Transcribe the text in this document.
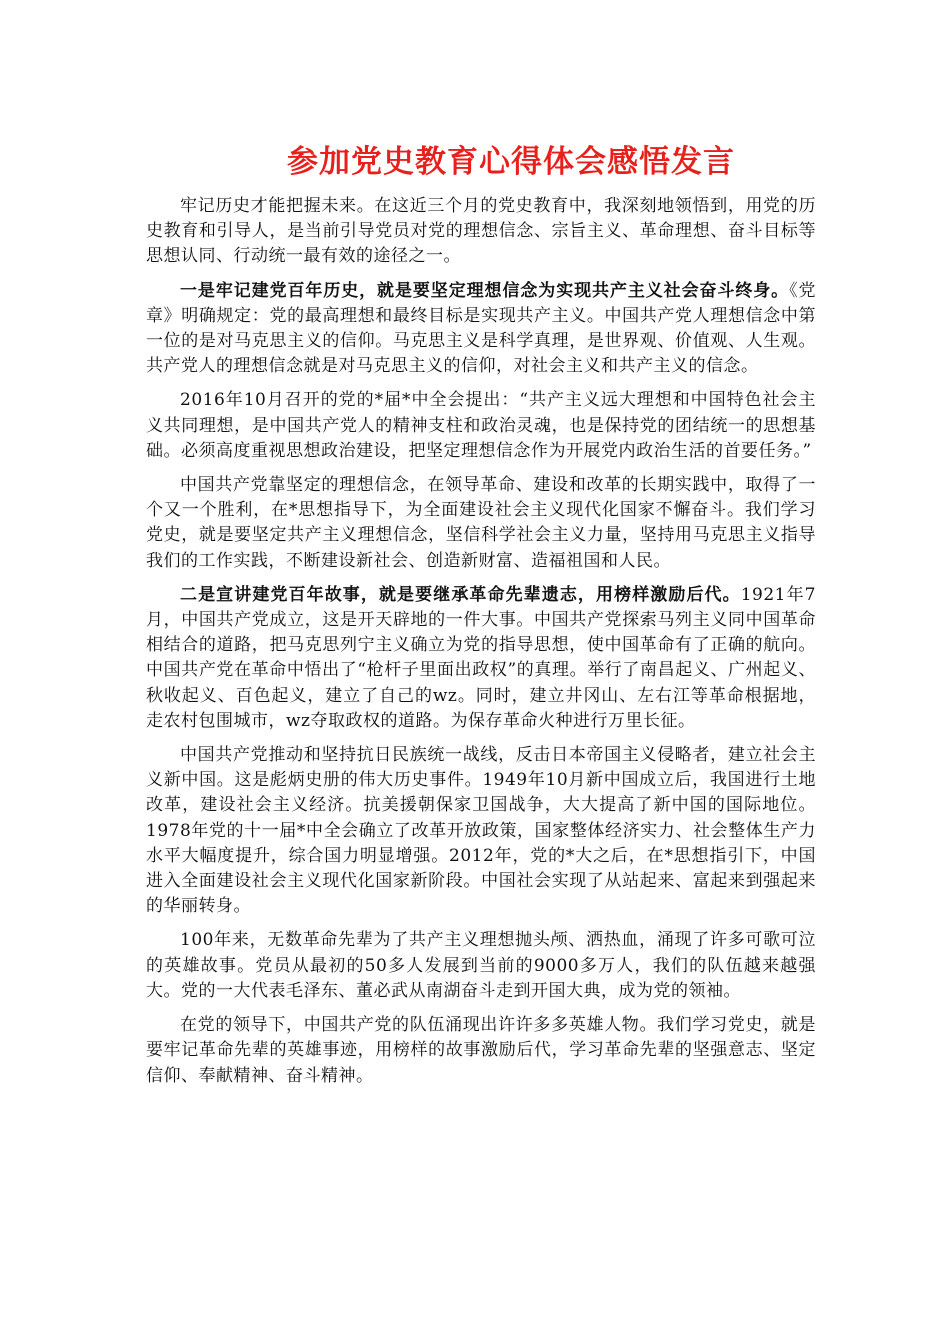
参加党史教育心得体会感悟发言

牢记历史才能把握未来。在这近三个月的党史教育中，我深刻地领悟到，用党的历史教育和引导人，是当前引导党员对党的理想信念、宗旨主义、革命理想、奋斗目标等思想认同、行动统一最有效的途径之一。

一是牢记建党百年历史，就是要坚定理想信念为实现共产主义社会奋斗终身。《党章》明确规定：党的最高理想和最终目标是实现共产主义。中国共产党人理想信念中第一位的是对马克思主义的信仰。马克思主义是科学真理，是世界观、价值观、人生观。共产党人的理想信念就是对马克思主义的信仰，对社会主义和共产主义的信念。

2016年10月召开的党的*届*中全会提出：“共产主义远大理想和中国特色社会主义共同理想，是中国共产党人的精神支柱和政治灵魂，也是保持党的团结统一的思想基础。必须高度重视思想政治建设，把坚定理想信念作为开展党内政治生活的首要任务。”

中国共产党靠坚定的理想信念，在领导革命、建设和改革的长期实践中，取得了一个又一个胜利，在*思想指导下，为全面建设社会主义现代化国家不懈奋斗。我们学习党史，就是要坚定共产主义理想信念，坚信科学社会主义力量，坚持用马克思主义指导我们的工作实践，不断建设新社会、创造新财富、造福祖国和人民。

二是宣讲建党百年故事，就是要继承革命先辈遗志，用榜样激励后代。1921年7月，中国共产党成立，这是开天辟地的一件大事。中国共产党探索马列主义同中国革命相结合的道路，把马克思列宁主义确立为党的指导思想，使中国革命有了正确的航向。中国共产党在革命中悟出了“枪杆子里面出政权”的真理。举行了南昌起义、广州起义、秋收起义、百色起义，建立了自己的wz。同时，建立井冈山、左右江等革命根据地，走农村包围城市，wz夺取政权的道路。为保存革命火种进行万里长征。

中国共产党推动和坚持抗日民族统一战线，反击日本帝国主义侵略者，建立社会主义新中国。这是彪炳史册的伟大历史事件。1949年10月新中国成立后，我国进行土地改革，建设社会主义经济。抗美援朝保家卫国战争，大大提高了新中国的国际地位。1978年党的十一届*中全会确立了改革开放政策，国家整体经济实力、社会整体生产力水平大幅度提升，综合国力明显增强。2012年，党的*大之后，在*思想指引下，中国进入全面建设社会主义现代化国家新阶段。中国社会实现了从站起来、富起来到强起来的华丽转身。

100年来，无数革命先辈为了共产主义理想抛头颅、洒热血，涌现了许多可歌可泣的英雄故事。党员从最初的50多人发展到当前的9000多万人，我们的队伍越来越强大。党的一大代表毛泽东、董必武从南湖奋斗走到开国大典，成为党的领袖。

在党的领导下，中国共产党的队伍涌现出许许多多英雄人物。我们学习党史，就是要牢记革命先辈的英雄事迹，用榜样的故事激励后代，学习革命先辈的坚强意志、坚定信仰、奉献精神、奋斗精神。
